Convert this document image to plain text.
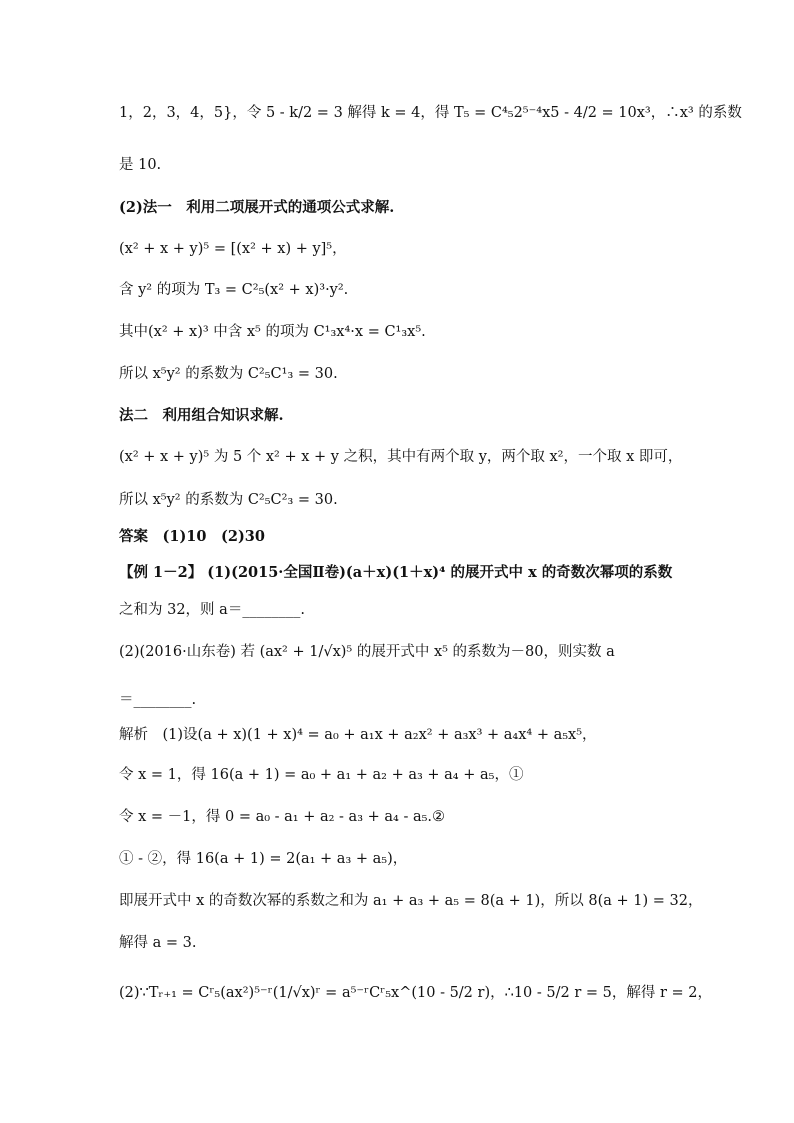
1，2，3，4，5}，令 5 - k/2 = 3 解得 k = 4，得 T₅ = C⁴₅2⁵⁻⁴x5 - 4/2 = 10x³，∴x³ 的系数
是 10.
(2)法一　利用二项展开式的通项公式求解.
(x² + x + y)⁵ = [(x² + x) + y]⁵，
含 y² 的项为 T₃ = C²₅(x² + x)³·y².
其中(x² + x)³ 中含 x⁵ 的项为 C¹₃x⁴·x = C¹₃x⁵.
所以 x⁵y² 的系数为 C²₅C¹₃ = 30.
法二　利用组合知识求解.
(x² + x + y)⁵ 为 5 个 x² + x + y 之积，其中有两个取 y，两个取 x²，一个取 x 即可，
所以 x⁵y² 的系数为 C²₅C²₃ = 30.
答案　(1)10　(2)30
【例 1－2】 (1)(2015·全国Ⅱ卷)(a＋x)(1＋x)⁴ 的展开式中 x 的奇数次幂项的系数
之和为 32，则 a＝________.
(2)(2016·山东卷) 若 (ax² + 1/√x)⁵ 的展开式中 x⁵ 的系数为－80，则实数 a
＝________.
解析　(1)设(a + x)(1 + x)⁴ = a₀ + a₁x + a₂x² + a₃x³ + a₄x⁴ + a₅x⁵，
令 x = 1，得 16(a + 1) = a₀ + a₁ + a₂ + a₃ + a₄ + a₅，①
令 x = －1，得 0 = a₀ - a₁ + a₂ - a₃ + a₄ - a₅.②
① - ②，得 16(a + 1) = 2(a₁ + a₃ + a₅)，
即展开式中 x 的奇数次幂的系数之和为 a₁ + a₃ + a₅ = 8(a + 1)，所以 8(a + 1) = 32，
解得 a = 3.
(2)∵Tᵣ₊₁ = Cʳ₅(ax²)⁵⁻ʳ(1/√x)ʳ = a⁵⁻ʳCʳ₅x^(10 - 5/2 r)，∴10 - 5/2 r = 5，解得 r = 2，
